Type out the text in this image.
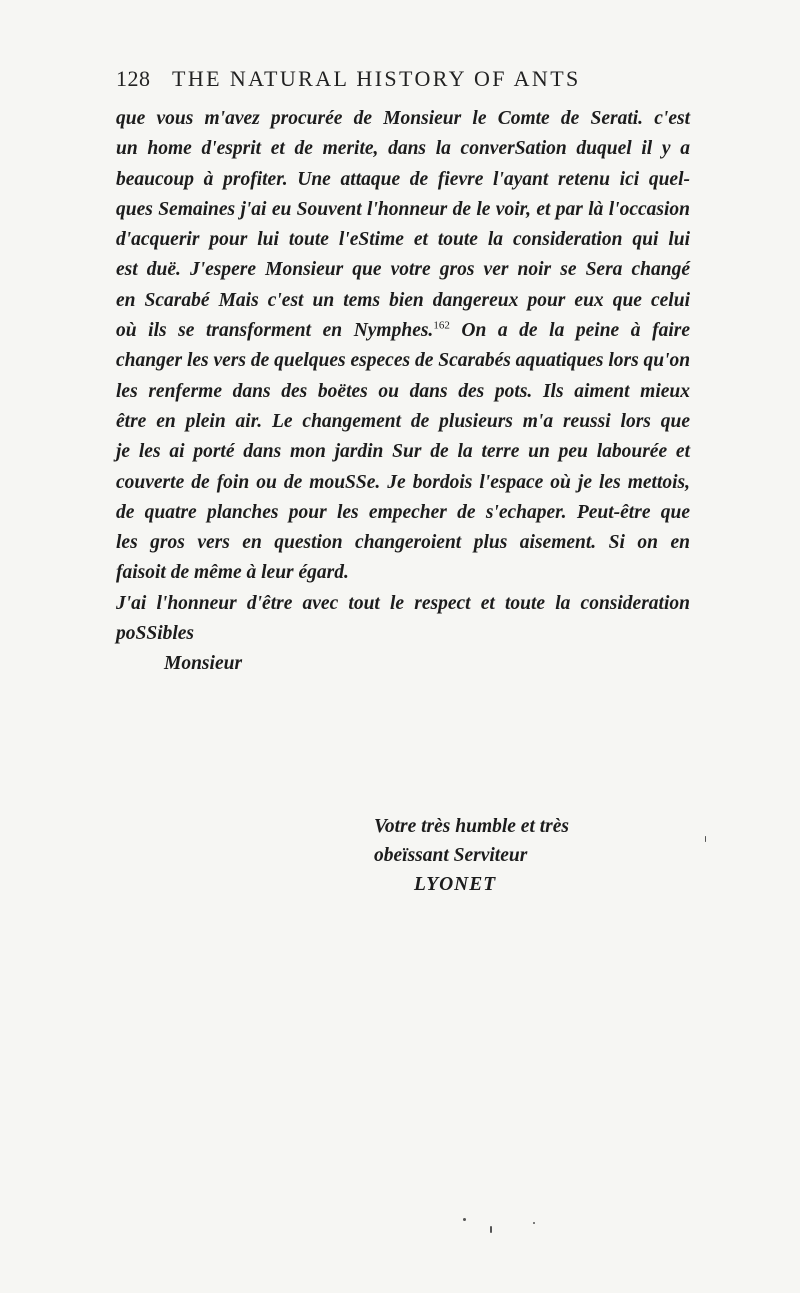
128 THE NATURAL HISTORY OF ANTS
que vous m'avez procurée de Monsieur le Comte de Serati. c'est
un home d'esprit et de merite, dans la converSation duquel il y a
beaucoup à profiter. Une attaque de fievre l'ayant retenu ici quel-
ques Semaines j'ai eu Souvent l'honneur de le voir, et par là l'occasion
d'acquerir pour lui toute l'eStime et toute la consideration qui lui
est duë. J'espere Monsieur que votre gros ver noir se Sera changé
en Scarabé Mais c'est un tems bien dangereux pour eux que celui
où ils se transforment en Nymphes.$^{162}$ On a de la peine à faire
changer les vers de quelques especes de Scarabés aquatiques lors qu'on
les renferme dans des boëtes ou dans des pots. Ils aiment mieux
être en plein air. Le changement de plusieurs m'a reussi lors que
je les ai porté dans mon jardin Sur de la terre un peu labourée et
couverte de foin ou de mouSSe. Je bordois l'espace où je les mettois,
de quatre planches pour les empecher de s'echaper. Peut-être que
les gros vers en question changeroient plus aisement. Si on en
faisoit de même à leur égard.
J'ai l'honneur d'être avec tout le respect et toute la consideration
poSSibles
Monsieur
Votre très humble et très
obeïssant Serviteur
LYONET
